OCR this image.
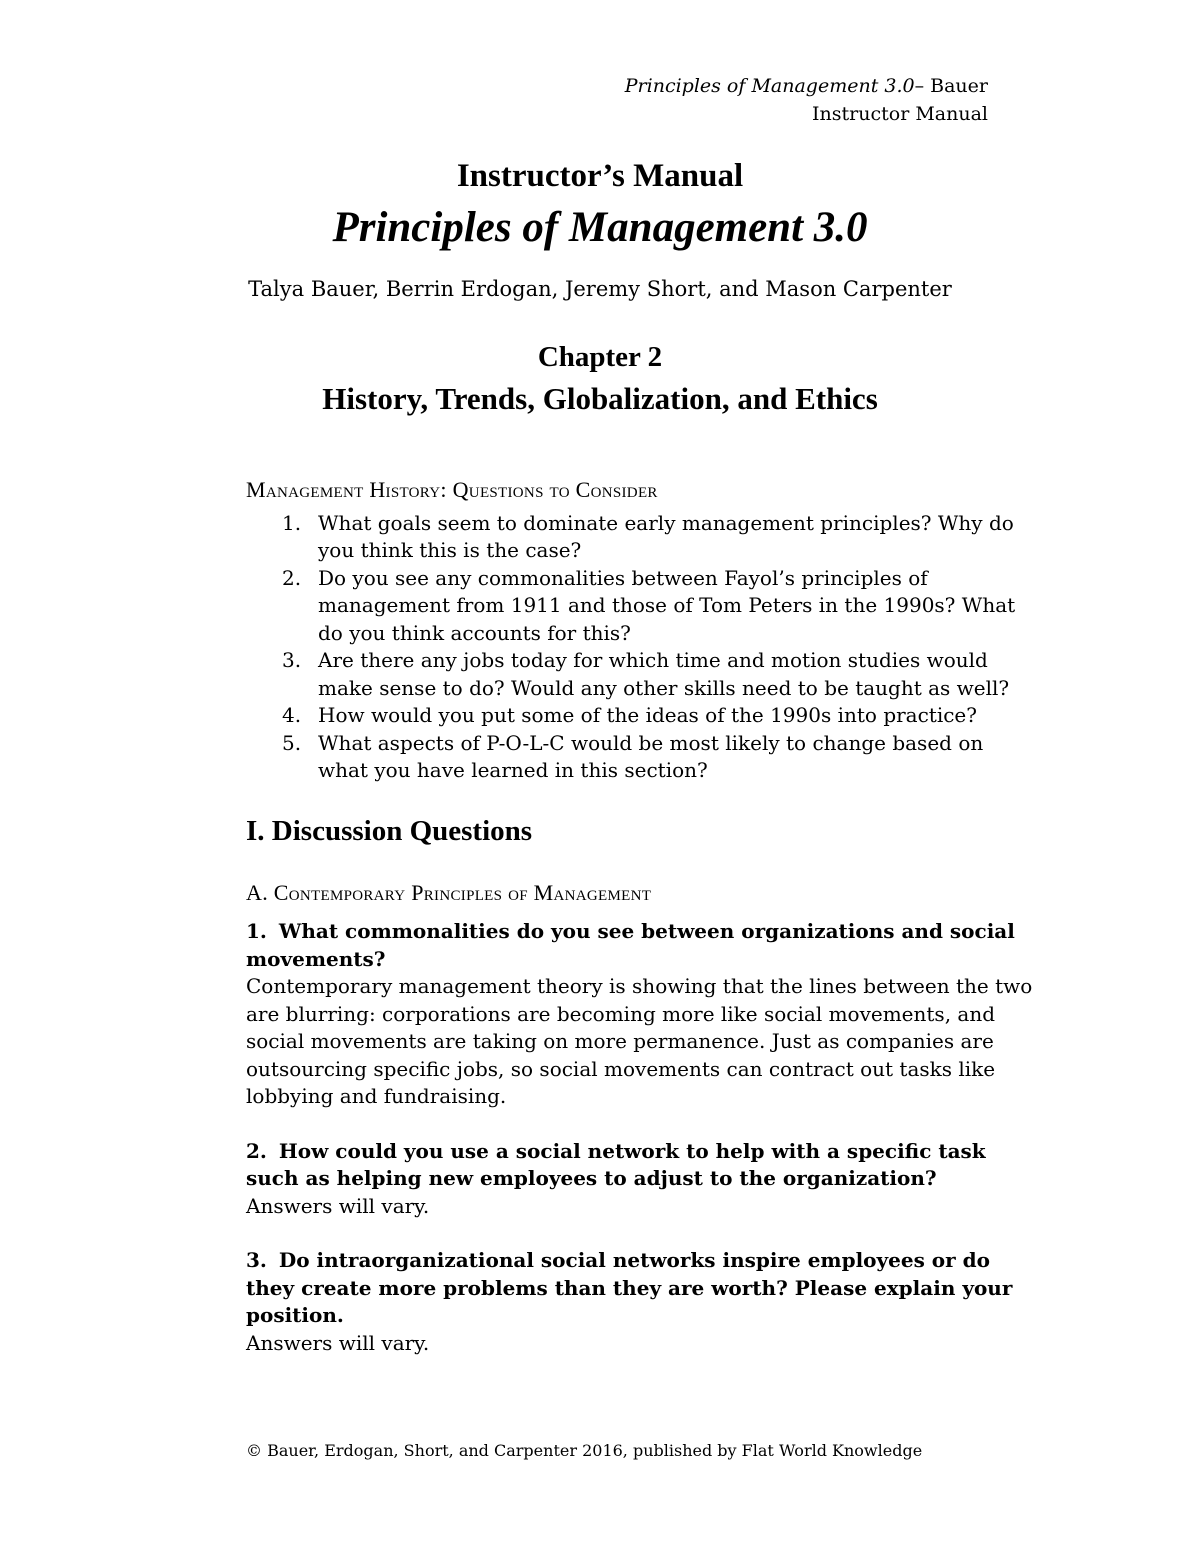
Principles of Management 3.0– Bauer
Instructor Manual
Instructor’s Manual
Principles of Management 3.0
Talya Bauer, Berrin Erdogan, Jeremy Short, and Mason Carpenter
Chapter 2
History, Trends, Globalization, and Ethics
Management History: Questions to Consider
1. What goals seem to dominate early management principles? Why do you think this is the case?
2. Do you see any commonalities between Fayol’s principles of management from 1911 and those of Tom Peters in the 1990s? What do you think accounts for this?
3. Are there any jobs today for which time and motion studies would make sense to do? Would any other skills need to be taught as well?
4. How would you put some of the ideas of the 1990s into practice?
5. What aspects of P-O-L-C would be most likely to change based on what you have learned in this section?
I. Discussion Questions
A. Contemporary Principles of Management
1. What commonalities do you see between organizations and social movements?
Contemporary management theory is showing that the lines between the two are blurring: corporations are becoming more like social movements, and social movements are taking on more permanence. Just as companies are outsourcing specific jobs, so social movements can contract out tasks like lobbying and fundraising.
2. How could you use a social network to help with a specific task such as helping new employees to adjust to the organization?
Answers will vary.
3. Do intraorganizational social networks inspire employees or do they create more problems than they are worth? Please explain your position.
Answers will vary.
© Bauer, Erdogan, Short, and Carpenter 2016, published by Flat World Knowledge
